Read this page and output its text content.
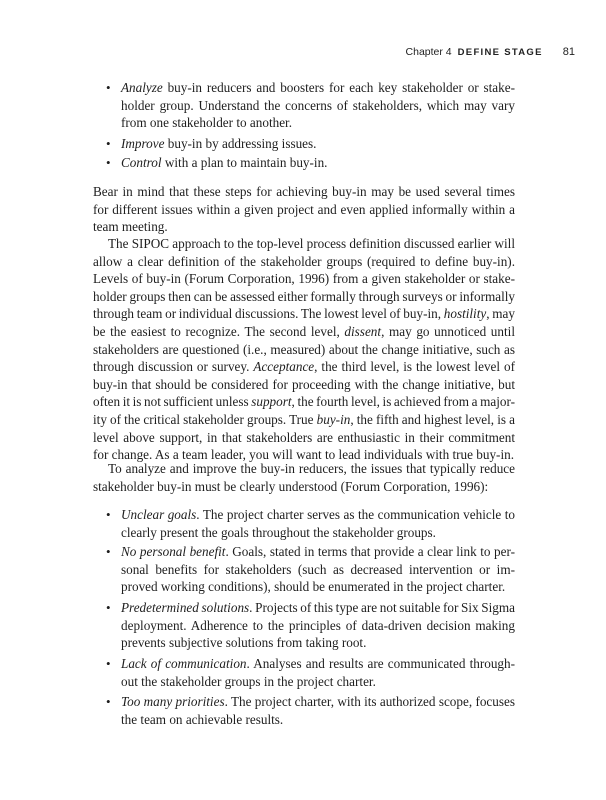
Chapter 4 DEFINE STAGE 81
• Analyze buy-in reducers and boosters for each key stakeholder or stake-
holder group. Understand the concerns of stakeholders, which may vary
from one stakeholder to another.
• Improve buy-in by addressing issues.
• Control with a plan to maintain buy-in.
Bear in mind that these steps for achieving buy-in may be used several times
for different issues within a given project and even applied informally within a
team meeting.
The SIPOC approach to the top-level process definition discussed earlier will
allow a clear definition of the stakeholder groups (required to define buy-in).
Levels of buy-in (Forum Corporation, 1996) from a given stakeholder or stake-
holder groups then can be assessed either formally through surveys or informally
through team or individual discussions. The lowest level of buy-in, hostility, may
be the easiest to recognize. The second level, dissent, may go unnoticed until
stakeholders are questioned (i.e., measured) about the change initiative, such as
through discussion or survey. Acceptance, the third level, is the lowest level of
buy-in that should be considered for proceeding with the change initiative, but
often it is not sufficient unless support, the fourth level, is achieved from a major-
ity of the critical stakeholder groups. True buy-in, the fifth and highest level, is a
level above support, in that stakeholders are enthusiastic in their commitment
for change. As a team leader, you will want to lead individuals with true buy-in.
To analyze and improve the buy-in reducers, the issues that typically reduce
stakeholder buy-in must be clearly understood (Forum Corporation, 1996):
• Unclear goals. The project charter serves as the communication vehicle to
clearly present the goals throughout the stakeholder groups.
• No personal benefit. Goals, stated in terms that provide a clear link to per-
sonal benefits for stakeholders (such as decreased intervention or im-
proved working conditions), should be enumerated in the project charter.
• Predetermined solutions. Projects of this type are not suitable for Six Sigma
deployment. Adherence to the principles of data-driven decision making
prevents subjective solutions from taking root.
• Lack of communication. Analyses and results are communicated through-
out the stakeholder groups in the project charter.
• Too many priorities. The project charter, with its authorized scope, focuses
the team on achievable results.
